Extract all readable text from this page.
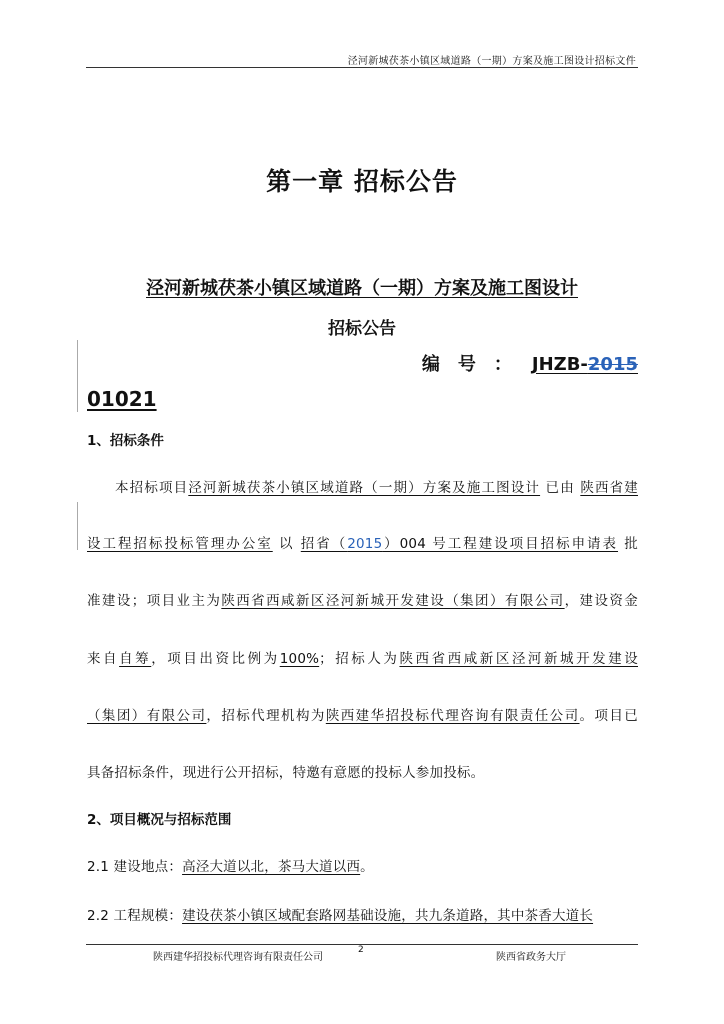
泾河新城茯茶小镇区域道路（一期）方案及施工图设计招标文件
第一章 招标公告
泾河新城茯茶小镇区域道路（一期）方案及施工图设计
招标公告
编号： JHZB-2015
01021
1、招标条件
本招标项目泾河新城茯茶小镇区域道路（一期）方案及施工图设计 已由 陕西省建
设工程招标投标管理办公室 以 招省（2015）004 号工程建设项目招标申请表 批
准建设；项目业主为陕西省西咸新区泾河新城开发建设（集团）有限公司，建设资金
来自自筹，项目出资比例为100%；招标人为陕西省西咸新区泾河新城开发建设
（集团）有限公司，招标代理机构为陕西建华招投标代理咨询有限责任公司。项目已
具备招标条件，现进行公开招标，特邀有意愿的投标人参加投标。
2、项目概况与招标范围
2.1 建设地点：高泾大道以北，茶马大道以西。
2.2 工程规模：建设茯茶小镇区域配套路网基础设施，共九条道路，其中茶香大道长
陕西建华招投标代理咨询有限责任公司
2
陕西省政务大厅
